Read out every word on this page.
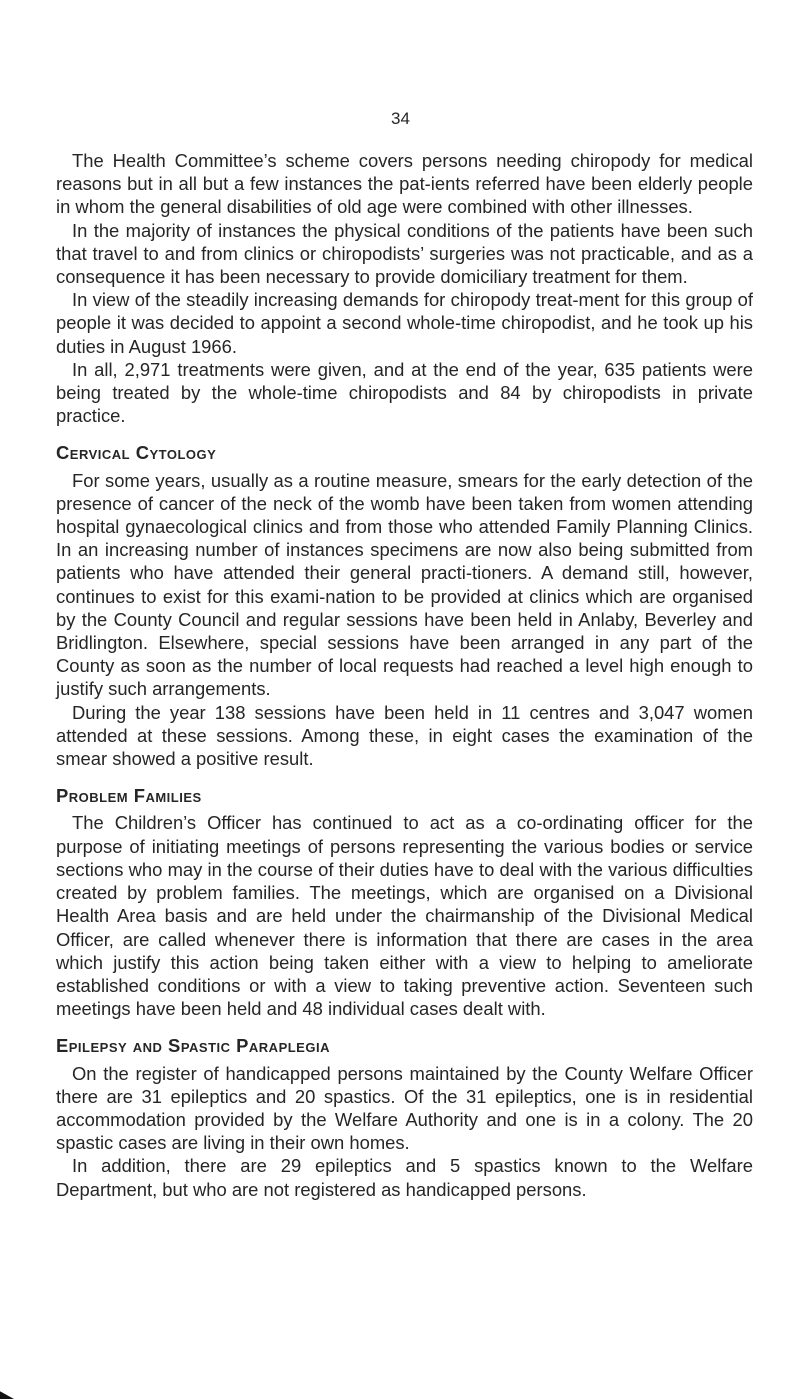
34

The Health Committee’s scheme covers persons needing chiropody for medical reasons but in all but a few instances the pat-ients referred have been elderly people in whom the general disabilities of old age were combined with other illnesses.

In the majority of instances the physical conditions of the patients have been such that travel to and from clinics or chiropodists’ surgeries was not practicable, and as a consequence it has been necessary to provide domiciliary treatment for them.

In view of the steadily increasing demands for chiropody treat-ment for this group of people it was decided to appoint a second whole-time chiropodist, and he took up his duties in August 1966.

In all, 2,971 treatments were given, and at the end of the year, 635 patients were being treated by the whole-time chiropodists and 84 by chiropodists in private practice.

Cervical Cytology

For some years, usually as a routine measure, smears for the early detection of the presence of cancer of the neck of the womb have been taken from women attending hospital gynaecological clinics and from those who attended Family Planning Clinics. In an increasing number of instances specimens are now also being submitted from patients who have attended their general practi-tioners. A demand still, however, continues to exist for this exami-nation to be provided at clinics which are organised by the County Council and regular sessions have been held in Anlaby, Beverley and Bridlington. Elsewhere, special sessions have been arranged in any part of the County as soon as the number of local requests had reached a level high enough to justify such arrangements.

During the year 138 sessions have been held in 11 centres and 3,047 women attended at these sessions. Among these, in eight cases the examination of the smear showed a positive result.

Problem Families

The Children’s Officer has continued to act as a co-ordinating officer for the purpose of initiating meetings of persons representing the various bodies or service sections who may in the course of their duties have to deal with the various difficulties created by problem families. The meetings, which are organised on a Divisional Health Area basis and are held under the chairmanship of the Divisional Medical Officer, are called whenever there is information that there are cases in the area which justify this action being taken either with a view to helping to ameliorate established conditions or with a view to taking preventive action. Seventeen such meetings have been held and 48 individual cases dealt with.

Epilepsy and Spastic Paraplegia

On the register of handicapped persons maintained by the County Welfare Officer there are 31 epileptics and 20 spastics. Of the 31 epileptics, one is in residential accommodation provided by the Welfare Authority and one is in a colony. The 20 spastic cases are living in their own homes.

In addition, there are 29 epileptics and 5 spastics known to the Welfare Department, but who are not registered as handicapped persons.
